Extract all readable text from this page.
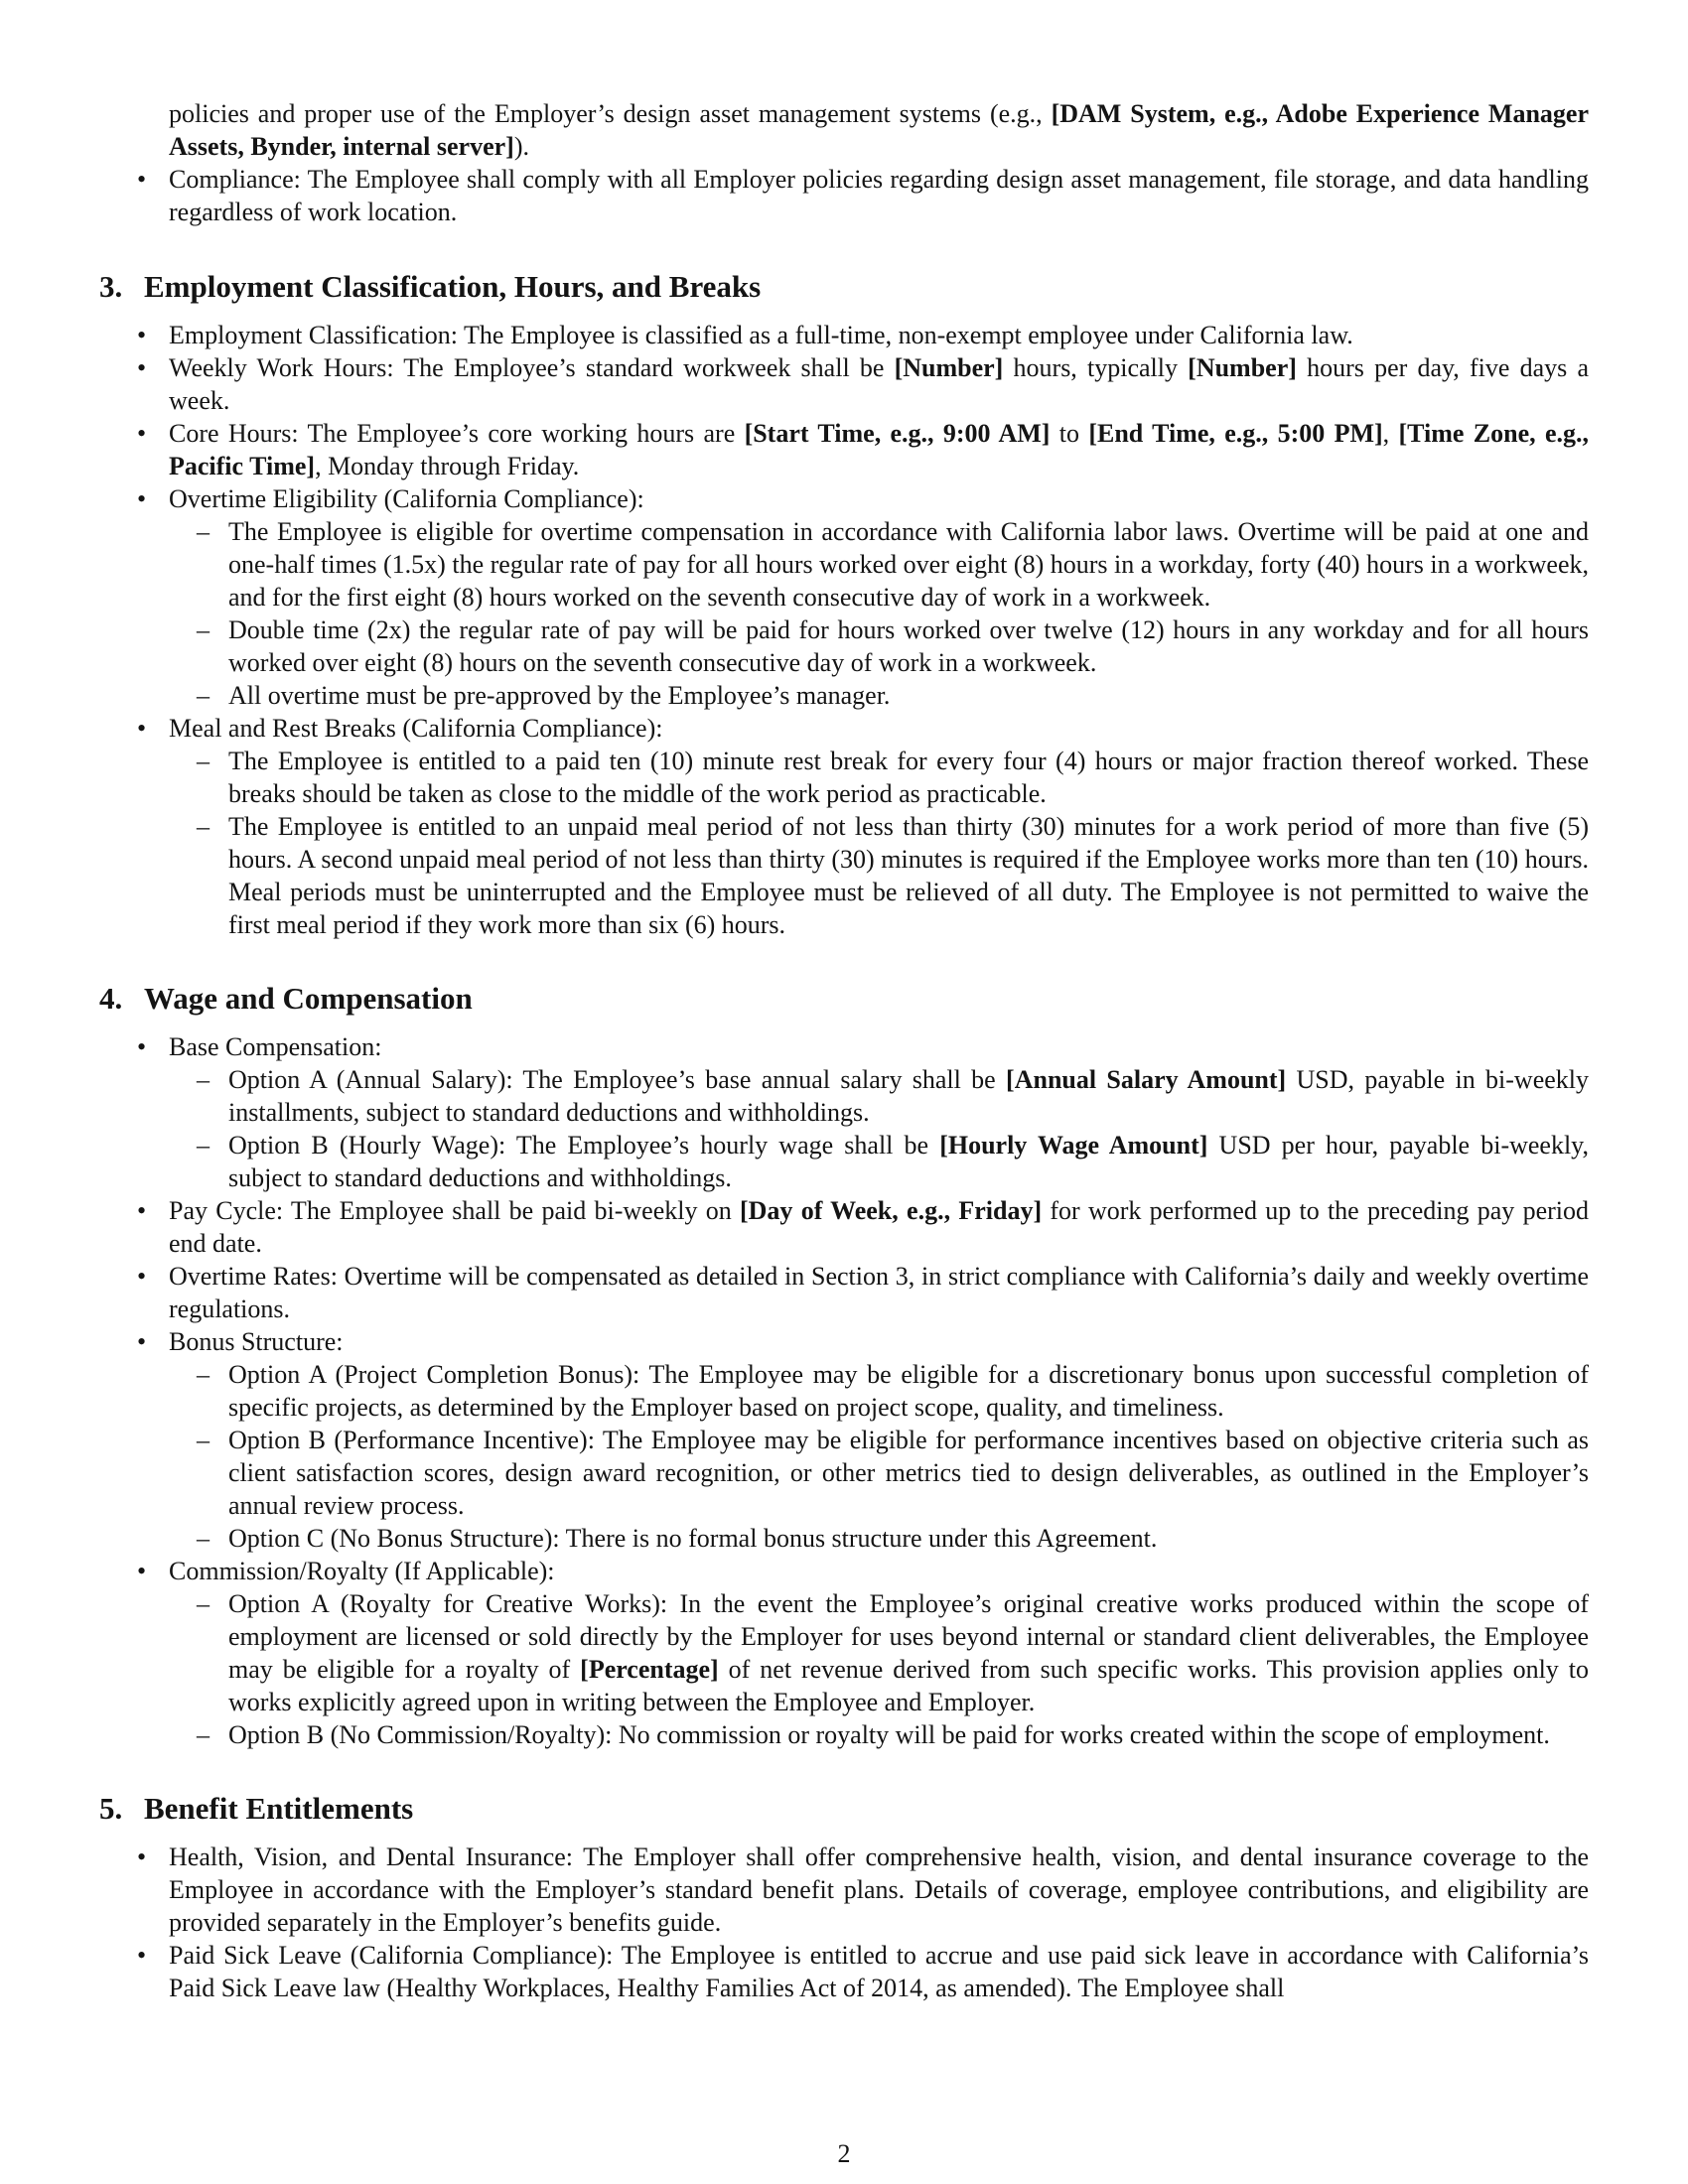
policies and proper use of the Employer’s design asset management systems (e.g., [DAM System, e.g., Adobe Experience Manager Assets, Bynder, internal server]).
• Compliance: The Employee shall comply with all Employer policies regarding design asset management, file storage, and data handling regardless of work location.
3. Employment Classification, Hours, and Breaks
• Employment Classification: The Employee is classified as a full-time, non-exempt employee under California law.
• Weekly Work Hours: The Employee’s standard workweek shall be [Number] hours, typically [Number] hours per day, five days a week.
• Core Hours: The Employee’s core working hours are [Start Time, e.g., 9:00 AM] to [End Time, e.g., 5:00 PM], [Time Zone, e.g., Pacific Time], Monday through Friday.
• Overtime Eligibility (California Compliance):
– The Employee is eligible for overtime compensation in accordance with California labor laws. Overtime will be paid at one and one-half times (1.5x) the regular rate of pay for all hours worked over eight (8) hours in a workday, forty (40) hours in a workweek, and for the first eight (8) hours worked on the seventh consecutive day of work in a workweek.
– Double time (2x) the regular rate of pay will be paid for hours worked over twelve (12) hours in any workday and for all hours worked over eight (8) hours on the seventh consecutive day of work in a workweek.
– All overtime must be pre-approved by the Employee’s manager.
• Meal and Rest Breaks (California Compliance):
– The Employee is entitled to a paid ten (10) minute rest break for every four (4) hours or major fraction thereof worked. These breaks should be taken as close to the middle of the work period as practicable.
– The Employee is entitled to an unpaid meal period of not less than thirty (30) minutes for a work period of more than five (5) hours. A second unpaid meal period of not less than thirty (30) minutes is required if the Employee works more than ten (10) hours. Meal periods must be uninterrupted and the Employee must be relieved of all duty. The Employee is not permitted to waive the first meal period if they work more than six (6) hours.
4. Wage and Compensation
• Base Compensation:
– Option A (Annual Salary): The Employee’s base annual salary shall be [Annual Salary Amount] USD, payable in bi-weekly installments, subject to standard deductions and withholdings.
– Option B (Hourly Wage): The Employee’s hourly wage shall be [Hourly Wage Amount] USD per hour, payable bi-weekly, subject to standard deductions and withholdings.
• Pay Cycle: The Employee shall be paid bi-weekly on [Day of Week, e.g., Friday] for work performed up to the preceding pay period end date.
• Overtime Rates: Overtime will be compensated as detailed in Section 3, in strict compliance with California’s daily and weekly overtime regulations.
• Bonus Structure:
– Option A (Project Completion Bonus): The Employee may be eligible for a discretionary bonus upon successful completion of specific projects, as determined by the Employer based on project scope, quality, and timeliness.
– Option B (Performance Incentive): The Employee may be eligible for performance incentives based on objective criteria such as client satisfaction scores, design award recognition, or other metrics tied to design deliverables, as outlined in the Employer’s annual review process.
– Option C (No Bonus Structure): There is no formal bonus structure under this Agreement.
• Commission/Royalty (If Applicable):
– Option A (Royalty for Creative Works): In the event the Employee’s original creative works produced within the scope of employment are licensed or sold directly by the Employer for uses beyond internal or standard client deliverables, the Employee may be eligible for a royalty of [Percentage] of net revenue derived from such specific works. This provision applies only to works explicitly agreed upon in writing between the Employee and Employer.
– Option B (No Commission/Royalty): No commission or royalty will be paid for works created within the scope of employment.
5. Benefit Entitlements
• Health, Vision, and Dental Insurance: The Employer shall offer comprehensive health, vision, and dental insurance coverage to the Employee in accordance with the Employer’s standard benefit plans. Details of coverage, employee contributions, and eligibility are provided separately in the Employer’s benefits guide.
• Paid Sick Leave (California Compliance): The Employee is entitled to accrue and use paid sick leave in accordance with California’s Paid Sick Leave law (Healthy Workplaces, Healthy Families Act of 2014, as amended). The Employee shall
2
